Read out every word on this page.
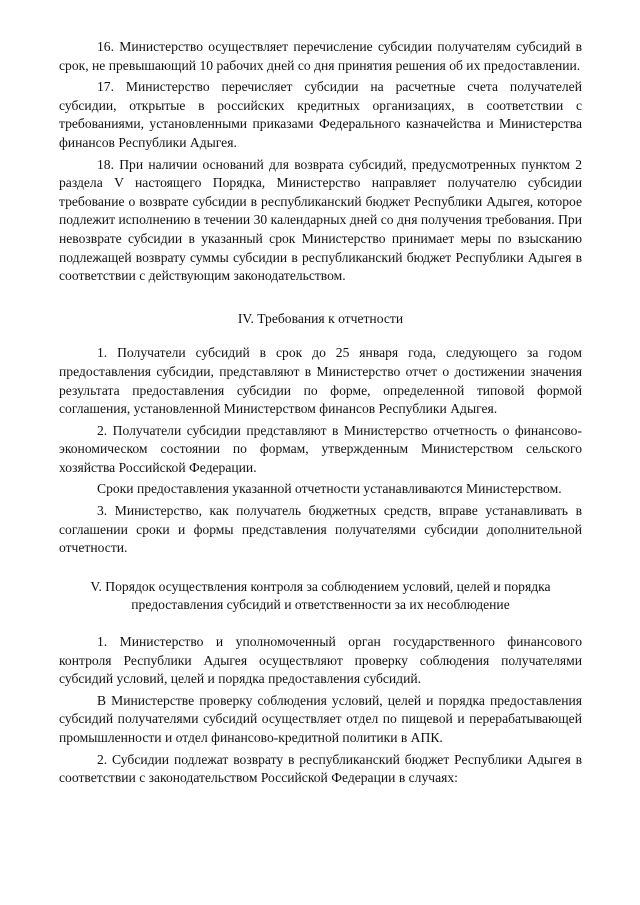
16. Министерство осуществляет перечисление субсидии получателям субсидий в срок, не превышающий 10 рабочих дней со дня принятия решения об их предоставлении.

17. Министерство перечисляет субсидии на расчетные счета получателей субсидии, открытые в российских кредитных организациях, в соответствии с требованиями, установленными приказами Федерального казначейства и Министерства финансов Республики Адыгея.

18. При наличии оснований для возврата субсидий, предусмотренных пунктом 2 раздела V настоящего Порядка, Министерство направляет получателю субсидии требование о возврате субсидии в республиканский бюджет Республики Адыгея, которое подлежит исполнению в течении 30 календарных дней со дня получения требования. При невозврате субсидии в указанный срок Министерство принимает меры по взысканию подлежащей возврату суммы субсидии в республиканский бюджет Республики Адыгея в соответствии с действующим законодательством.

IV. Требования к отчетности

1. Получатели субсидий в срок до 25 января года, следующего за годом предоставления субсидии, представляют в Министерство отчет о достижении значения результата предоставления субсидии по форме, определенной типовой формой соглашения, установленной Министерством финансов Республики Адыгея.

2. Получатели субсидии представляют в Министерство отчетность о финансово-экономическом состоянии по формам, утвержденным Министерством сельского хозяйства Российской Федерации.

Сроки предоставления указанной отчетности устанавливаются Министерством.

3. Министерство, как получатель бюджетных средств, вправе устанавливать в соглашении сроки и формы представления получателями субсидии дополнительной отчетности.

V. Порядок осуществления контроля за соблюдением условий, целей и порядка

предоставления субсидий и ответственности за их несоблюдение

1. Министерство и уполномоченный орган государственного финансового контроля Республики Адыгея осуществляют проверку соблюдения получателями субсидий условий, целей и порядка предоставления субсидий.

В Министерстве проверку соблюдения условий, целей и порядка предоставления субсидий получателями субсидий осуществляет отдел по пищевой и перерабатывающей промышленности и отдел финансово-кредитной политики в АПК.

2. Субсидии подлежат возврату в республиканский бюджет Республики Адыгея в соответствии с законодательством Российской Федерации в случаях:
